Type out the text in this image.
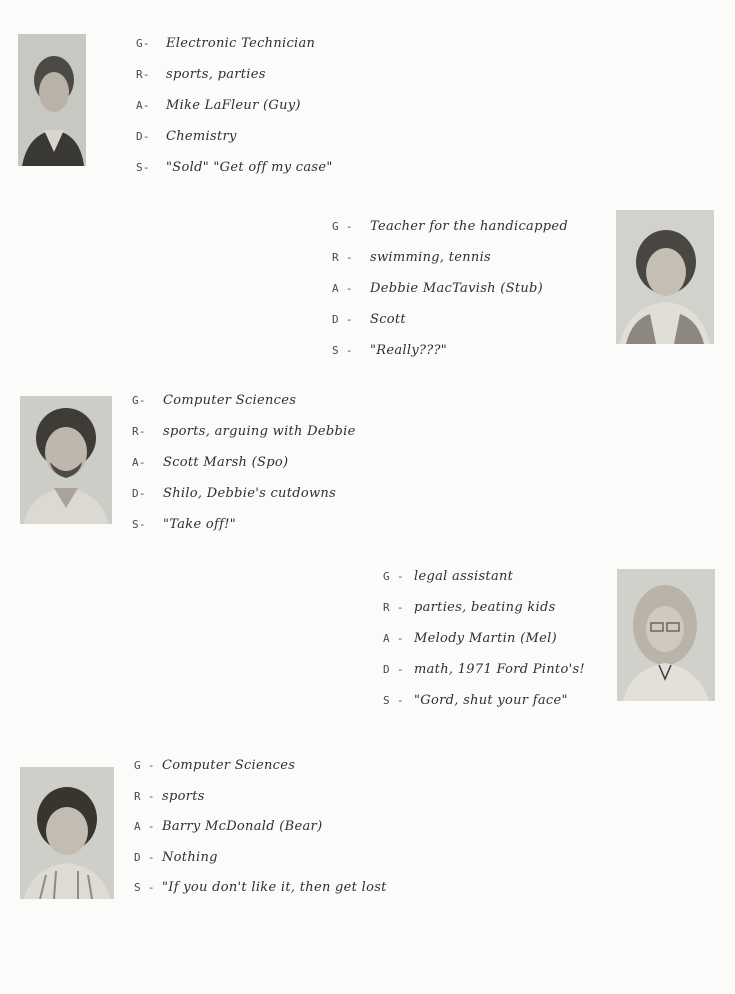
G- Electronic Technician
R- sports, parties
A- Mike LaFleur (Guy)
D- Chemistry
S- "Sold" "Get off my case"
G - Teacher for the handicapped
R - swimming, tennis
A - Debbie MacTavish (Stub)
D - Scott
S - "Really???"
G- Computer Sciences
R- sports, arguing with Debbie
A- Scott Marsh (Spo)
D- Shilo, Debbie's cutdowns
S- "Take off!"
G - legal assistant
R - parties, beating kids
A - Melody Martin (Mel)
D - math, 1971 Ford Pinto's!
S - "Gord, shut your face"
G - Computer Sciences
R - sports
A - Barry McDonald (Bear)
D - Nothing
S - "If you don't like it, then get lost
